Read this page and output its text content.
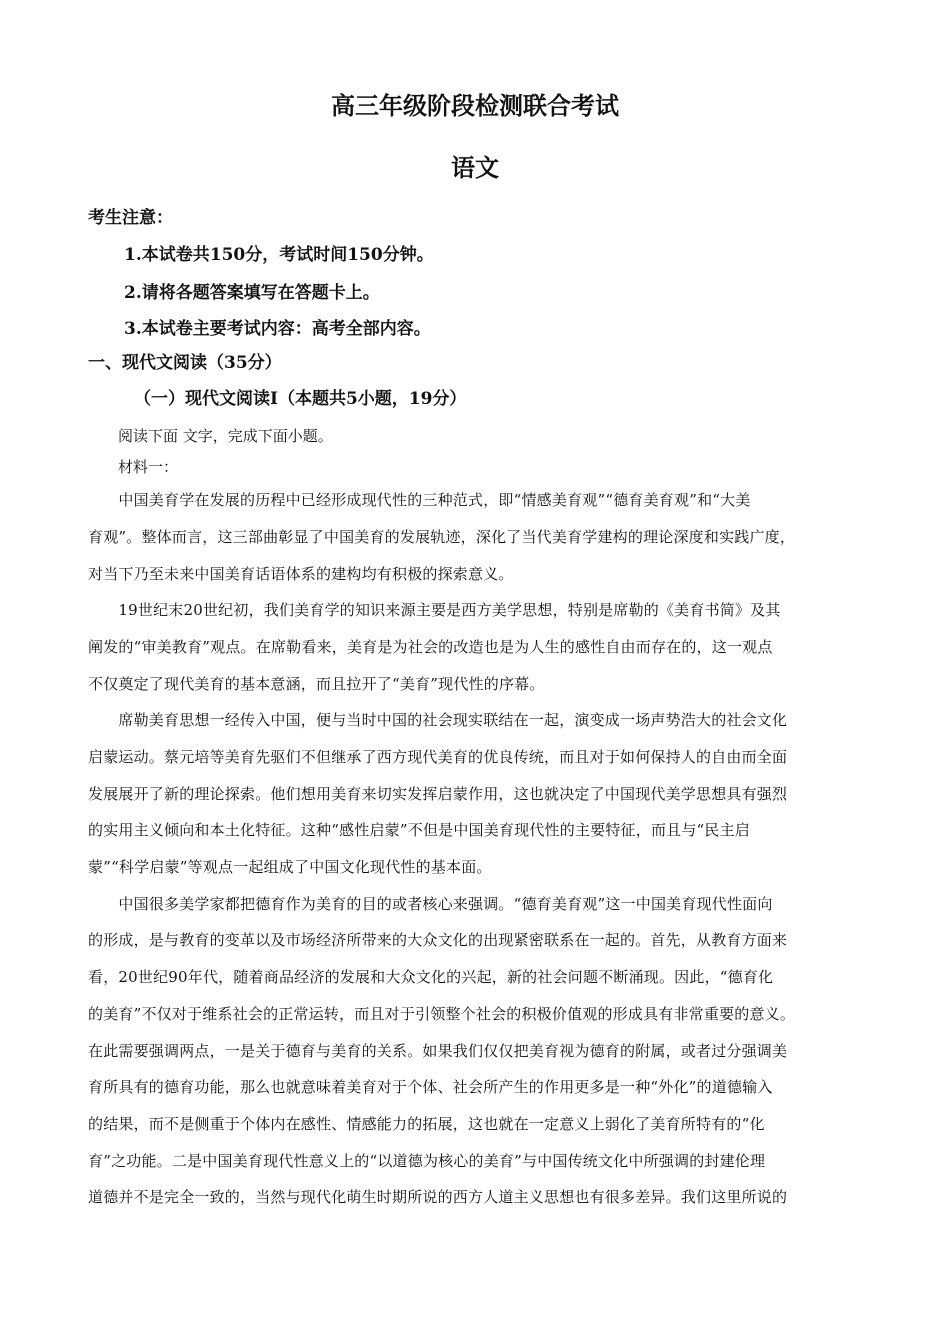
高三年级阶段检测联合考试
语文
考生注意：
1.本试卷共150分，考试时间150分钟。
2.请将各题答案填写在答题卡上。
3.本试卷主要考试内容：高考全部内容。
一、现代文阅读（35分）
（一）现代文阅读Ⅰ（本题共5小题，19分）
阅读下面 文字，完成下面小题。
材料一：
　　中国美育学在发展的历程中已经形成现代性的三种范式，即“情感美育观”“德育美育观”和“大美
育观”。整体而言，这三部曲彰显了中国美育的发展轨迹，深化了当代美育学建构的理论深度和实践广度，
对当下乃至未来中国美育话语体系的建构均有积极的探索意义。
　　19世纪末20世纪初，我们美育学的知识来源主要是西方美学思想，特别是席勒的《美育书简》及其
阐发的“审美教育”观点。在席勒看来，美育是为社会的改造也是为人生的感性自由而存在的，这一观点
不仅奠定了现代美育的基本意涵，而且拉开了“美育”现代性的序幕。
　　席勒美育思想一经传入中国，便与当时中国的社会现实联结在一起，演变成一场声势浩大的社会文化
启蒙运动。蔡元培等美育先驱们不但继承了西方现代美育的优良传统，而且对于如何保持人的自由而全面
发展展开了新的理论探索。他们想用美育来切实发挥启蒙作用，这也就决定了中国现代美学思想具有强烈
的实用主义倾向和本土化特征。这种“感性启蒙”不但是中国美育现代性的主要特征，而且与“民主启
蒙”“科学启蒙”等观点一起组成了中国文化现代性的基本面。
　　中国很多美学家都把德育作为美育的目的或者核心来强调。“德育美育观”这一中国美育现代性面向
的形成，是与教育的变革以及市场经济所带来的大众文化的出现紧密联系在一起的。首先，从教育方面来
看，20世纪90年代，随着商品经济的发展和大众文化的兴起，新的社会问题不断涌现。因此，“德育化
的美育”不仅对于维系社会的正常运转，而且对于引领整个社会的积极价值观的形成具有非常重要的意义。
在此需要强调两点，一是关于德育与美育的关系。如果我们仅仅把美育视为德育的附属，或者过分强调美
育所具有的德育功能，那么也就意味着美育对于个体、社会所产生的作用更多是一种“外化”的道德输入
的结果，而不是侧重于个体内在感性、情感能力的拓展，这也就在一定意义上弱化了美育所特有的“化
育”之功能。二是中国美育现代性意义上的“以道德为核心的美育”与中国传统文化中所强调的封建伦理
道德并不是完全一致的，当然与现代化萌生时期所说的西方人道主义思想也有很多差异。我们这里所说的
